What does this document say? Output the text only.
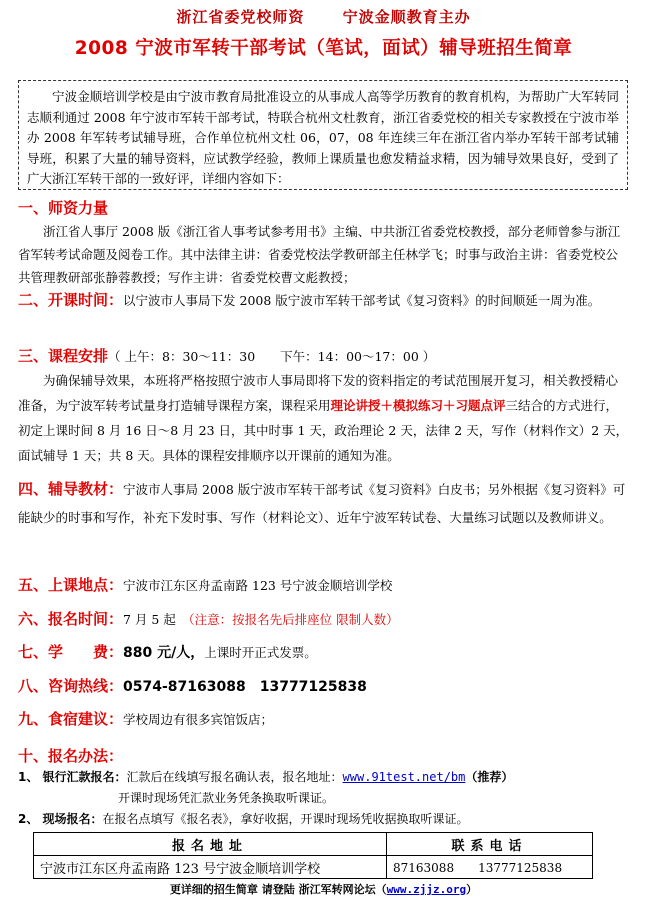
浙江省委党校师资	宁波金顺教育主办
2008 宁波市军转干部考试（笔试，面试）辅导班招生简章
宁波金顺培训学校是由宁波市教育局批准设立的从事成人高等学历教育的教育机构，为帮助广大军转同志顺利通过 2008 年宁波市军转干部考试，特联合杭州文杜教育，浙江省委党校的相关专家教授在宁波市举办 2008 年军转考试辅导班，合作单位杭州文杜 06，07，08 年连续三年在浙江省内举办军转干部考试辅导班，积累了大量的辅导资料，应试教学经验，教师上课质量也愈发精益求精，因为辅导效果良好，受到了广大浙江军转干部的一致好评，详细内容如下：
一、师资力量
浙江省人事厅 2008 版《浙江省人事考试参考用书》主编、中共浙江省委党校教授，部分老师曾参与浙江省军转考试命题及阅卷工作。其中法律主讲：省委党校法学教研部主任林学飞；时事与政治主讲：省委党校公共管理教研部张静蓉教授；写作主讲：省委党校曹文彪教授；
二、开课时间：以宁波市人事局下发 2008 版宁波市军转干部考试《复习资料》的时间顺延一周为准。
三、课程安排（ 上午：8：30～11：30　　下午：14：00～17：00 ）
为确保辅导效果，本班将严格按照宁波市人事局即将下发的资料指定的考试范围展开复习，相关教授精心准备，为宁波军转考试量身打造辅导课程方案，课程采用理论讲授＋模拟练习＋习题点评三结合的方式进行，初定上课时间 8 月 16 日～8 月 23 日，其中时事 1 天，政治理论 2 天，法律 2 天，写作（材料作文）2 天，面试辅导 1 天；共 8 天。具体的课程安排顺序以开课前的通知为准。
四、辅导教材：宁波市人事局 2008 版宁波市军转干部考试《复习资料》白皮书；另外根据《复习资料》可能缺少的时事和写作，补充下发时事、写作（材料论文）、近年宁波军转试卷、大量练习试题以及教师讲义。
五、上课地点：宁波市江东区舟孟南路 123 号宁波金顺培训学校
六、报名时间：7 月 5 起　 （注意：按报名先后排座位 限制人数）
七、学　　费：880 元/人，上课时开正式发票。
八、咨询热线：0574-87163088　13777125838
九、食宿建议：学校周边有很多宾馆饭店；
十、报名办法：
1、 银行汇款报名：汇款后在线填写报名确认表，报名地址：www.91test.net/bm（推荐）
开课时现场凭汇款业务凭条换取听课证。
2、 现场报名：在报名点填写《报名表》，拿好收据，开课时现场凭收据换取听课证。
报名地址	联系电话
宁波市江东区舟孟南路 123 号宁波金顺培训学校	87163088　　 13777125838
更详细的招生简章 请登陆 浙江军转网论坛（www.zjjz.org）
